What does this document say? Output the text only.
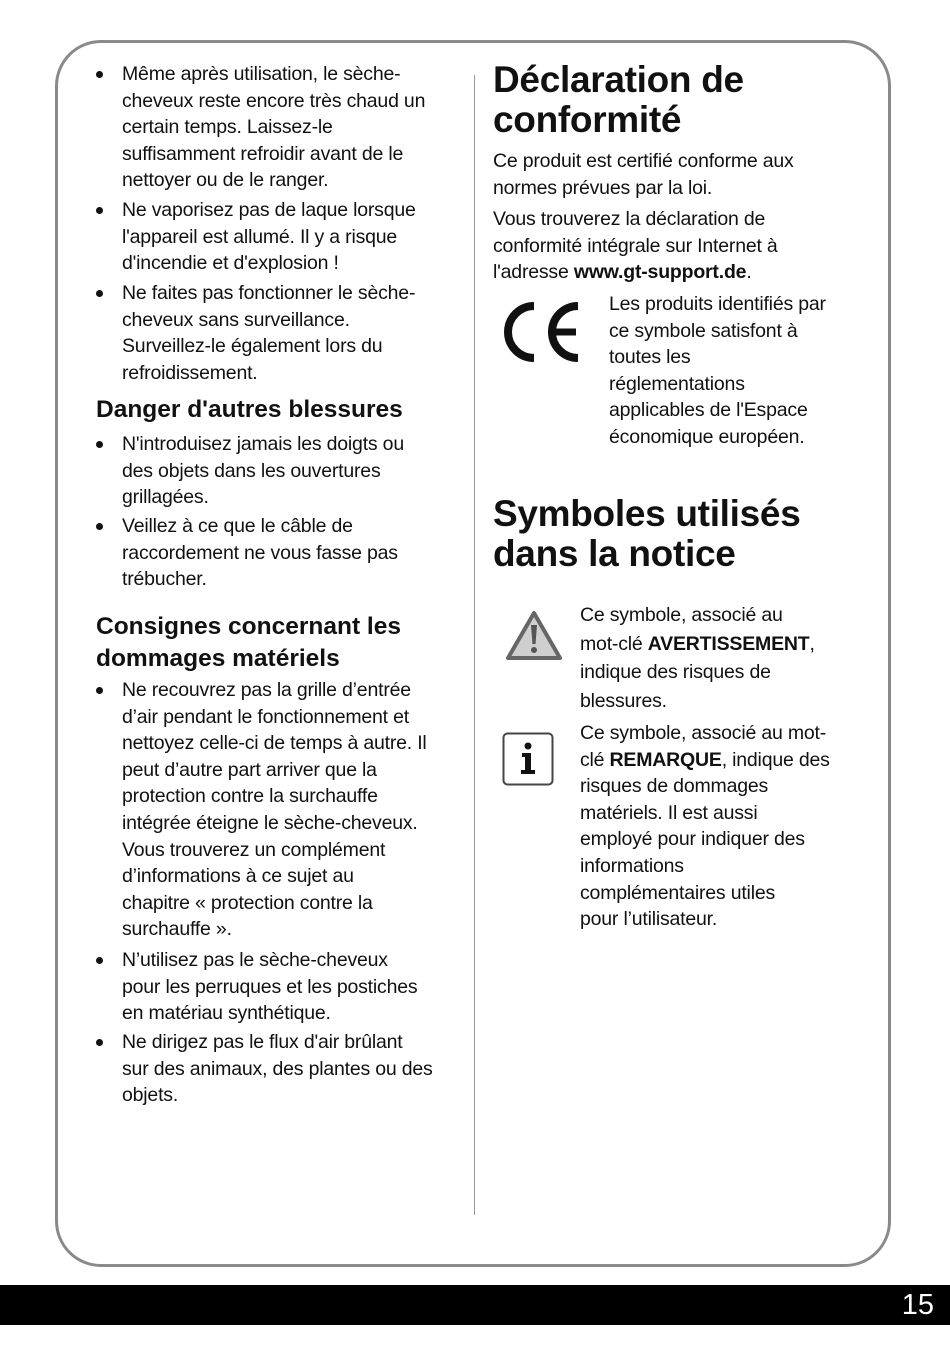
Même après utilisation, le sèche-
cheveux reste encore très chaud un
certain temps. Laissez-le
suffisamment refroidir avant de le
nettoyer ou de le ranger.
Ne vaporisez pas de laque lorsque
l'appareil est allumé. Il y a risque
d'incendie et d'explosion !
Ne faites pas fonctionner le sèche-
cheveux sans surveillance.
Surveillez-le également lors du
refroidissement.
Danger d'autres blessures
N'introduisez jamais les doigts ou
des objets dans les ouvertures
grillagées.
Veillez à ce que le câble de
raccordement ne vous fasse pas
trébucher.
Consignes concernant les
dommages matériels
Ne recouvrez pas la grille d’entrée
d’air pendant le fonctionnement et
nettoyez celle-ci de temps à autre. Il
peut d’autre part arriver que la
protection contre la surchauffe
intégrée éteigne le sèche-cheveux.
Vous trouverez un complément
d’informations à ce sujet au
chapitre « protection contre la
surchauffe ».
N’utilisez pas le sèche-cheveux
pour les perruques et les postiches
en matériau synthétique.
Ne dirigez pas le flux d'air brûlant
sur des animaux, des plantes ou des
objets.
Déclaration de
conformité
Ce produit est certifié conforme aux
normes prévues par la loi.
Vous trouverez la déclaration de
conformité intégrale sur Internet à
l'adresse www.gt-support.de.
Les produits identifiés par
ce symbole satisfont à
toutes les
réglementations
applicables de l'Espace
économique européen.
Symboles utilisés
dans la notice
Ce symbole, associé au
mot-clé AVERTISSEMENT,
indique des risques de
blessures.
Ce symbole, associé au mot-
clé REMARQUE, indique des
risques de dommages
matériels. Il est aussi
employé pour indiquer des
informations
complémentaires utiles
pour l’utilisateur.
15
